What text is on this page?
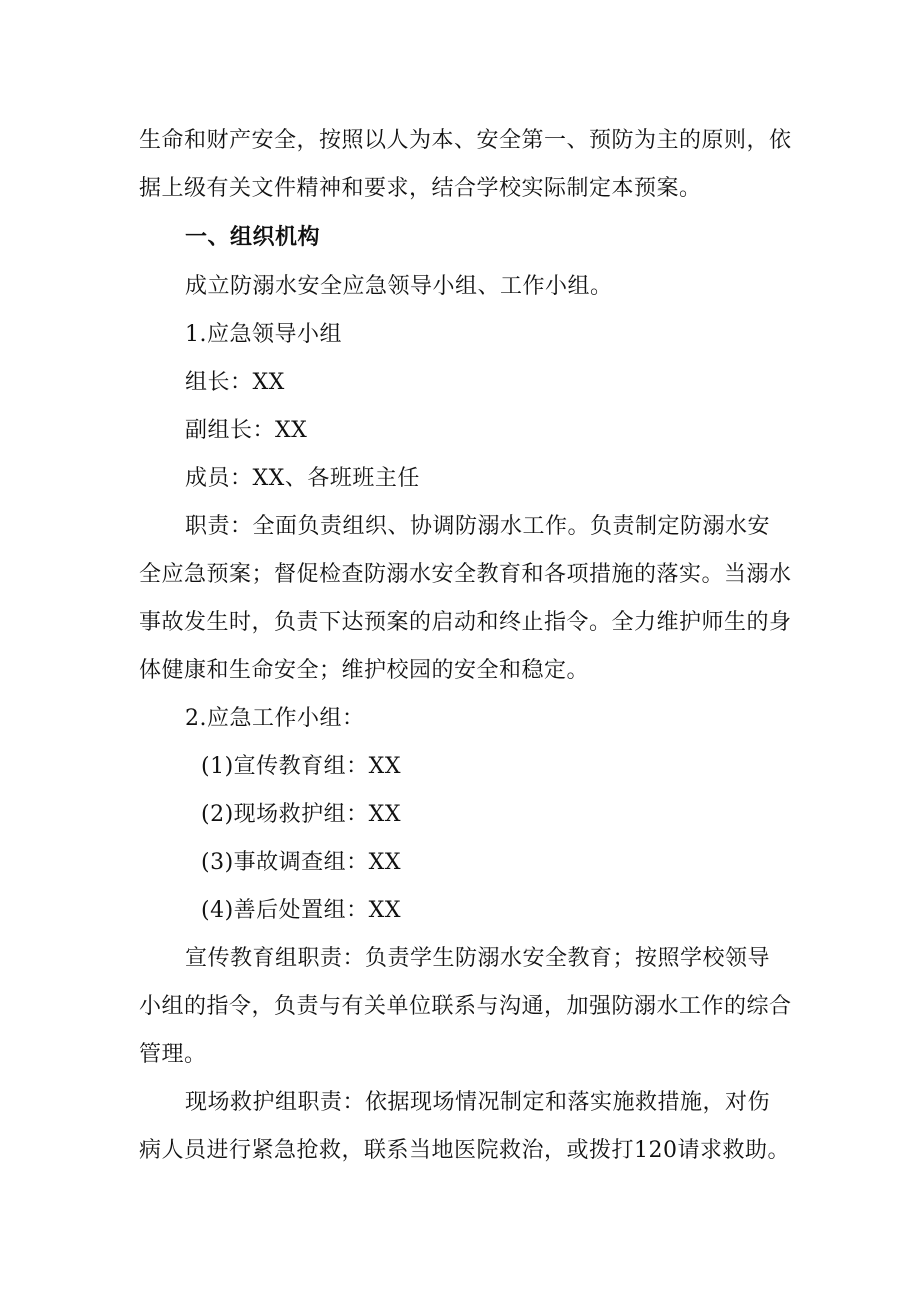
生命和财产安全，按照以人为本、安全第一、预防为主的原则，依据上级有关文件精神和要求，结合学校实际制定本预案。

一、组织机构

成立防溺水安全应急领导小组、工作小组。

1.应急领导小组

组长：XX

副组长：XX

成员：XX、各班班主任

职责：全面负责组织、协调防溺水工作。负责制定防溺水安全应急预案；督促检查防溺水安全教育和各项措施的落实。当溺水事故发生时，负责下达预案的启动和终止指令。全力维护师生的身体健康和生命安全；维护校园的安全和稳定。

2.应急工作小组：

(1)宣传教育组：XX

(2)现场救护组：XX

(3)事故调查组：XX

(4)善后处置组：XX

宣传教育组职责：负责学生防溺水安全教育；按照学校领导小组的指令，负责与有关单位联系与沟通，加强防溺水工作的综合管理。

现场救护组职责：依据现场情况制定和落实施救措施，对伤病人员进行紧急抢救，联系当地医院救治，或拨打120请求救助。
